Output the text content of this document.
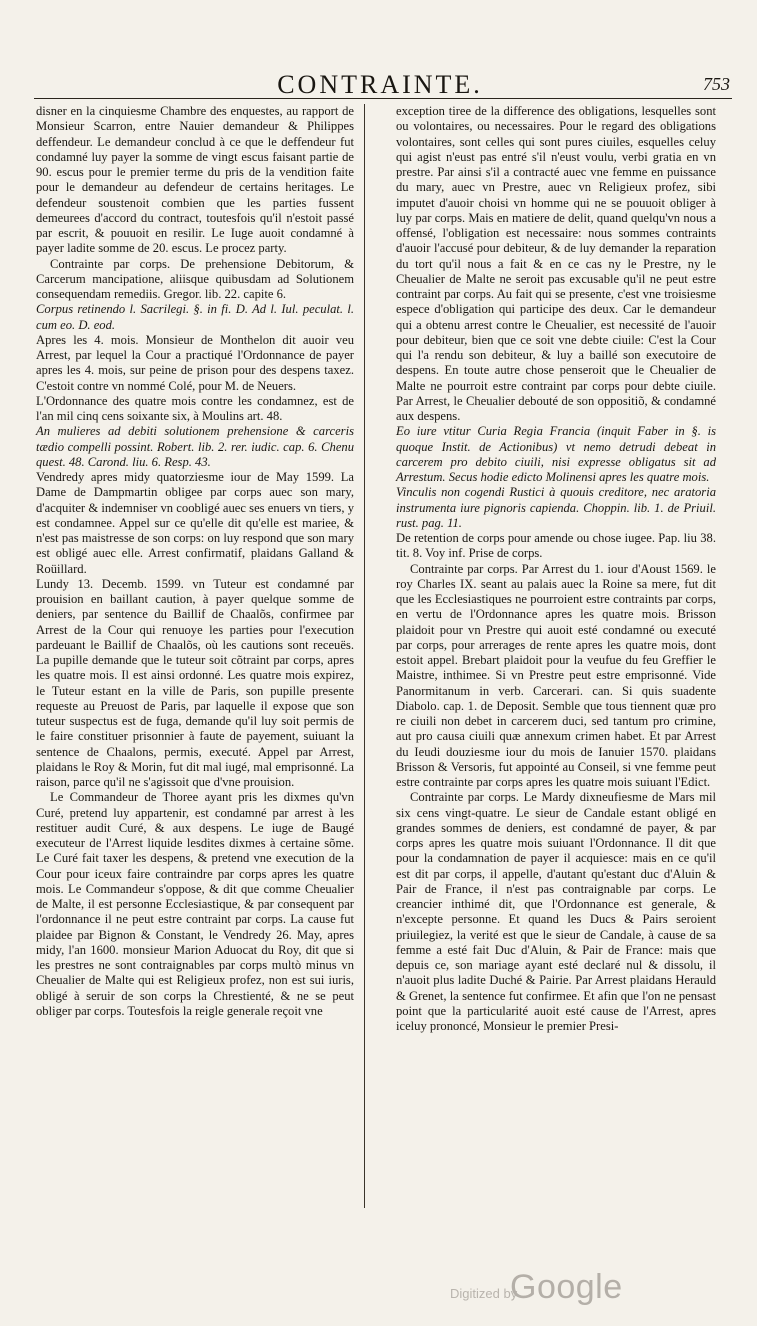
CONTRAINTE.	753

disner en la cinquiesme Chambre des enquestes, au rapport de Monsieur Scarron, entre Nauier demandeur & Philippes deffendeur. Le demandeur conclud à ce que le deffendeur fut condamné luy payer la somme de vingt escus faisant partie de 90. escus pour le premier terme du pris de la vendition faite pour le demandeur au defendeur de certains heritages. Le defendeur soustenoit combien que les parties fussent demeurees d'accord du contract, toutesfois qu'il n'estoit passé par escrit, & pouuoit en resilir. Le Iuge auoit condamné à payer ladite somme de 20. escus. Le procez party.

Contrainte par corps. De prehensione Debitorum, & Carcerum mancipatione, aliisque quibusdam ad Solutionem consequendam remediis. Gregor. lib. 22. capite 6.

Corpus retinendo l. Sacrilegi. §. in fi. D. Ad l. Iul. peculat. l. cum eo. D. eod.

Apres les 4. mois. Monsieur de Monthelon dit auoir veu Arrest, par lequel la Cour a practiqué l'Ordonnance de payer apres les 4. mois, sur peine de prison pour des despens taxez. C'estoit contre vn nommé Colé, pour M. de Neuers.

L'Ordonnance des quatre mois contre les condamnez, est de l'an mil cinq cens soixante six, à Moulins art. 48.

An mulieres ad debiti solutionem prehensione & carceris tædio compelli possint. Robert. lib. 2. rer. iudic. cap. 6. Chenu quest. 48. Carond. liu. 6. Resp. 43.

Vendredy apres midy quatorziesme iour de May 1599. La Dame de Dampmartin obligee par corps auec son mary, d'acquiter & indemniser vn coobligé auec ses enuers vn tiers, y est condamnee. Appel sur ce qu'elle dit qu'elle est mariee, & n'est pas maistresse de son corps: on luy respond que son mary est obligé auec elle. Arrest confirmatif, plaidans Galland & Roüillard.

Lundy 13. Decemb. 1599. vn Tuteur est condamné par prouision en baillant caution, à payer quelque somme de deniers, par sentence du Baillif de Chaalõs, confirmee par Arrest de la Cour qui renuoye les parties pour l'execution pardeuant le Baillif de Chaalõs, où les cautions sont receuës. La pupille demande que le tuteur soit cõtraint par corps, apres les quatre mois. Il est ainsi ordonné. Les quatre mois expirez, le Tuteur estant en la ville de Paris, son pupille presente requeste au Preuost de Paris, par laquelle il expose que son tuteur suspectus est de fuga, demande qu'il luy soit permis de le faire constituer prisonnier à faute de payement, suiuant la sentence de Chaalons, permis, executé. Appel par Arrest, plaidans le Roy & Morin, fut dit mal iugé, mal emprisonné. La raison, parce qu'il ne s'agissoit que d'vne prouision.

Le Commandeur de Thoree ayant pris les dixmes qu'vn Curé, pretend luy appartenir, est condamné par arrest à les restituer audit Curé, & aux despens. Le iuge de Baugé executeur de l'Arrest liquide lesdites dixmes à certaine sõme. Le Curé fait taxer les despens, & pretend vne execution de la Cour pour iceux faire contraindre par corps apres les quatre mois. Le Commandeur s'oppose, & dit que comme Cheualier de Malte, il est personne Ecclesiastique, & par consequent par l'ordonnance il ne peut estre contraint par corps. La cause fut plaidee par Bignon & Constant, le Vendredy 26. May, apres midy, l'an 1600. monsieur Marion Aduocat du Roy, dit que si les prestres ne sont contraignables par corps multò minus vn Cheualier de Malte qui est Religieux profez, non est sui iuris, obligé à seruir de son corps la Chrestienté, & ne se peut obliger par corps. Toutesfois la reigle generale reçoit vne

exception tiree de la difference des obligations, lesquelles sont ou volontaires, ou necessaires. Pour le regard des obligations volontaires, sont celles qui sont pures ciuiles, esquelles celuy qui agist n'eust pas entré s'il n'eust voulu, verbi gratia en vn prestre. Par ainsi s'il a contracté auec vne femme en puissance du mary, auec vn Prestre, auec vn Religieux profez, sibi imputet d'auoir choisi vn homme qui ne se pouuoit obliger à luy par corps. Mais en matiere de delit, quand quelqu'vn nous a offensé, l'obligation est necessaire: nous sommes contraints d'auoir l'accusé pour debiteur, & de luy demander la reparation du tort qu'il nous a fait & en ce cas ny le Prestre, ny le Cheualier de Malte ne seroit pas excusable qu'il ne peut estre contraint par corps. Au fait qui se presente, c'est vne troisiesme espece d'obligation qui participe des deux. Car le demandeur qui a obtenu arrest contre le Cheualier, est necessité de l'auoir pour debiteur, bien que ce soit vne debte ciuile: C'est la Cour qui l'a rendu son debiteur, & luy a baillé son executoire de despens. En toute autre chose penseroit que le Cheualier de Malte ne pourroit estre contraint par corps pour debte ciuile. Par Arrest, le Cheualier debouté de son oppositiõ, & condamné aux despens.

Eo iure vtitur Curia Regia Francia (inquit Faber in §. is quoque Instit. de Actionibus) vt nemo detrudi debeat in carcerem pro debito ciuili, nisi expresse obligatus sit ad Arrestum. Secus hodie edicto Molinensi apres les quatre mois.

Vinculis non cogendi Rustici à quouis creditore, nec aratoria instrumenta iure pignoris capienda. Choppin. lib. 1. de Priuil. rust. pag. 11.

De retention de corps pour amende ou chose iugee. Pap. liu 38. tit. 8. Voy inf. Prise de corps.

Contrainte par corps. Par Arrest du 1. iour d'Aoust 1569. le roy Charles IX. seant au palais auec la Roine sa mere, fut dit que les Ecclesiastiques ne pourroient estre contraints par corps, en vertu de l'Ordonnance apres les quatre mois. Brisson plaidoit pour vn Prestre qui auoit esté condamné ou executé par corps, pour arrerages de rente apres les quatre mois, dont estoit appel. Brebart plaidoit pour la veufue du feu Greffier le Maistre, inthimee. Si vn Prestre peut estre emprisonné. Vide Panormitanum in verb. Carcerari. can. Si quis suadente Diabolo. cap. 1. de Deposit. Semble que tous tiennent quæ pro re ciuili non debet in carcerem duci, sed tantum pro crimine, aut pro causa ciuili quæ annexum crimen habet. Et par Arrest du Ieudi douziesme iour du mois de Ianuier 1570. plaidans Brisson & Versoris, fut appointé au Conseil, si vne femme peut estre contrainte par corps apres les quatre mois suiuant l'Edict.

Contrainte par corps. Le Mardy dixneufiesme de Mars mil six cens vingt-quatre. Le sieur de Candale estant obligé en grandes sommes de deniers, est condamné de payer, & par corps apres les quatre mois suiuant l'Ordonnance. Il dit que pour la condamnation de payer il acquiesce: mais en ce qu'il est dit par corps, il appelle, d'autant qu'estant duc d'Aluin & Pair de France, il n'est pas contraignable par corps. Le creancier inthimé dit, que l'Ordonnance est generale, & n'excepte personne. Et quand les Ducs & Pairs seroient priuilegiez, la verité est que le sieur de Candale, à cause de sa femme a esté fait Duc d'Aluin, & Pair de France: mais que depuis ce, son mariage ayant esté declaré nul & dissolu, il n'auoit plus ladite Duché & Pairie. Par Arrest plaidans Herauld & Grenet, la sentence fut confirmee. Et afin que l'on ne pensast point que la particularité auoit esté cause de l'Arrest, apres iceluy prononcé, Monsieur le premier Presi-

Digitized by
Google
